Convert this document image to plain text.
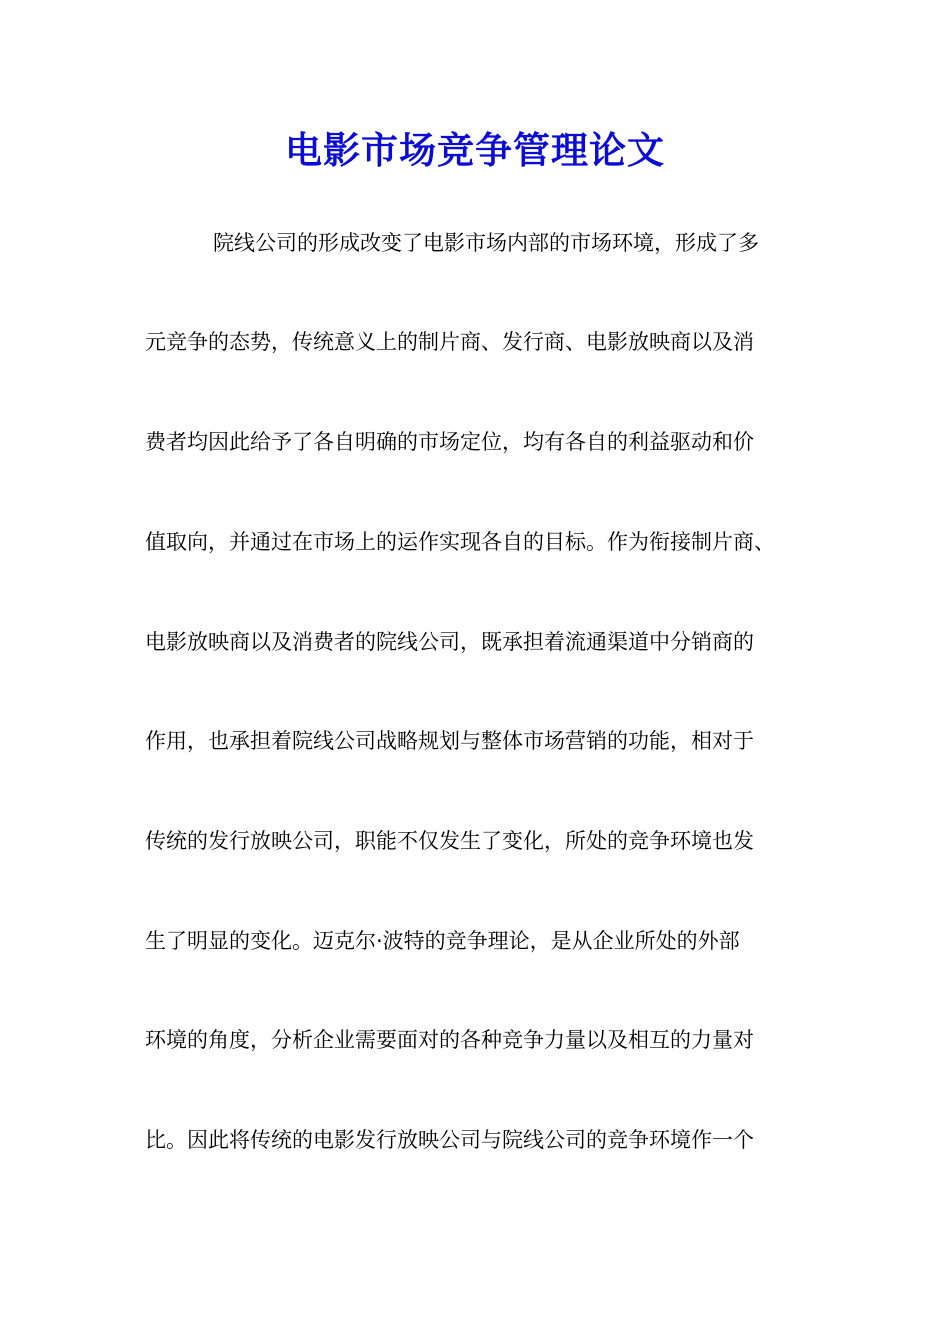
电影市场竞争管理论文

院线公司的形成改变了电影市场内部的市场环境，形成了多

元竞争的态势，传统意义上的制片商、发行商、电影放映商以及消

费者均因此给予了各自明确的市场定位，均有各自的利益驱动和价

值取向，并通过在市场上的运作实现各自的目标。作为衔接制片商、

电影放映商以及消费者的院线公司，既承担着流通渠道中分销商的

作用，也承担着院线公司战略规划与整体市场营销的功能，相对于

传统的发行放映公司，职能不仅发生了变化，所处的竞争环境也发

生了明显的变化。迈克尔·波特的竞争理论，是从企业所处的外部

环境的角度，分析企业需要面对的各种竞争力量以及相互的力量对

比。因此将传统的电影发行放映公司与院线公司的竞争环境作一个
